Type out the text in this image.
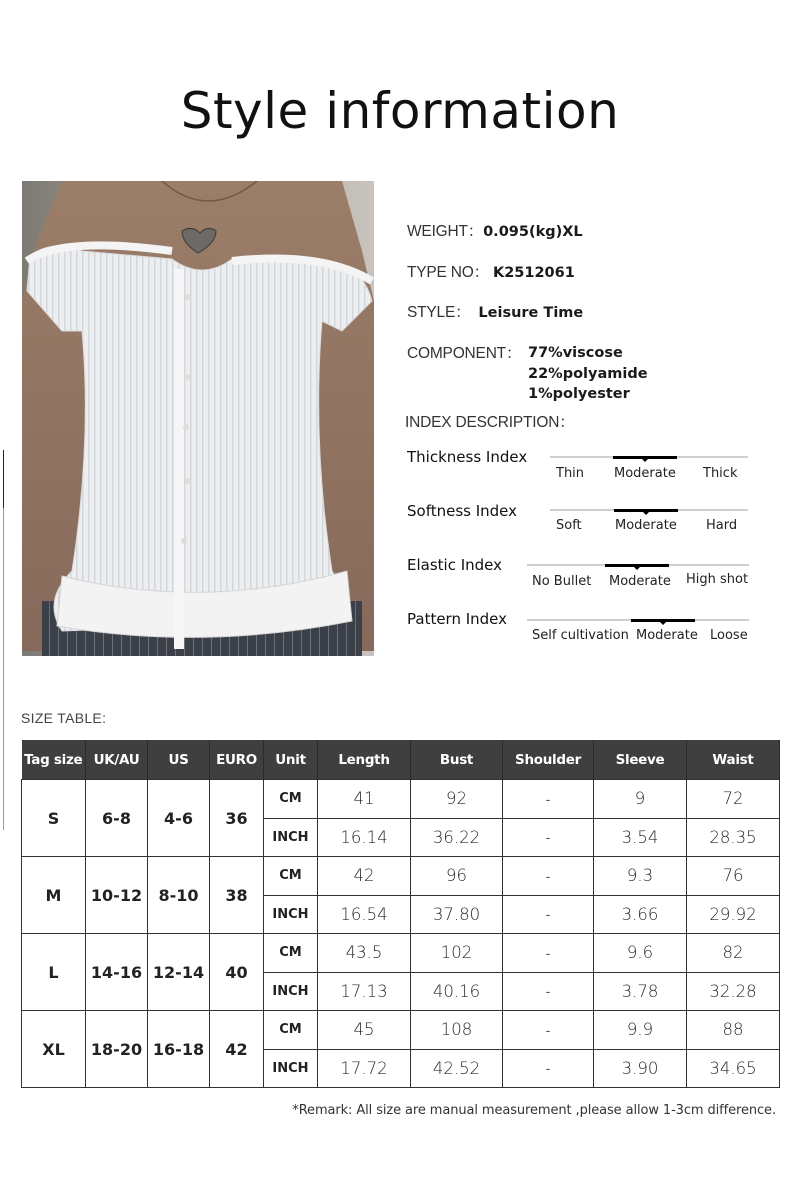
Style information
WEIGHT：0.095(kg)XL
TYPE NO： K2512061
STYLE： Leisure Time
COMPONENT： 77%viscose
22%polyamide
1%polyester
INDEX DESCRIPTION：
Thickness Index
Thin Moderate Thick
Softness Index
Soft	Moderate Hard
Elastic Index
No Bullet Moderate High shot
Pattern Index
Self cultivation Moderate Loose
SIZE TABLE:
Tag size	UK/AU	US	EURO	Unit	Length	Bust	Shoulder	Sleeve	Waist
S	6-8	4-6	36	CM	41	92	-	9	72
				INCH	16.14	36.22	-	3.54	28.35
M	10-12	8-10	38	CM	42	96	-	9.3	76
				INCH	16.54	37.80	-	3.66	29.92
L	14-16	12-14	40	CM	43.5	102	-	9.6	82
				INCH	17.13	40.16	-	3.78	32.28
XL	18-20	16-18	42	CM	45	108	-	9.9	88
				INCH	17.72	42.52	-	3.90	34.65
*Remark: All size are manual measurement ,please allow 1-3cm difference.
